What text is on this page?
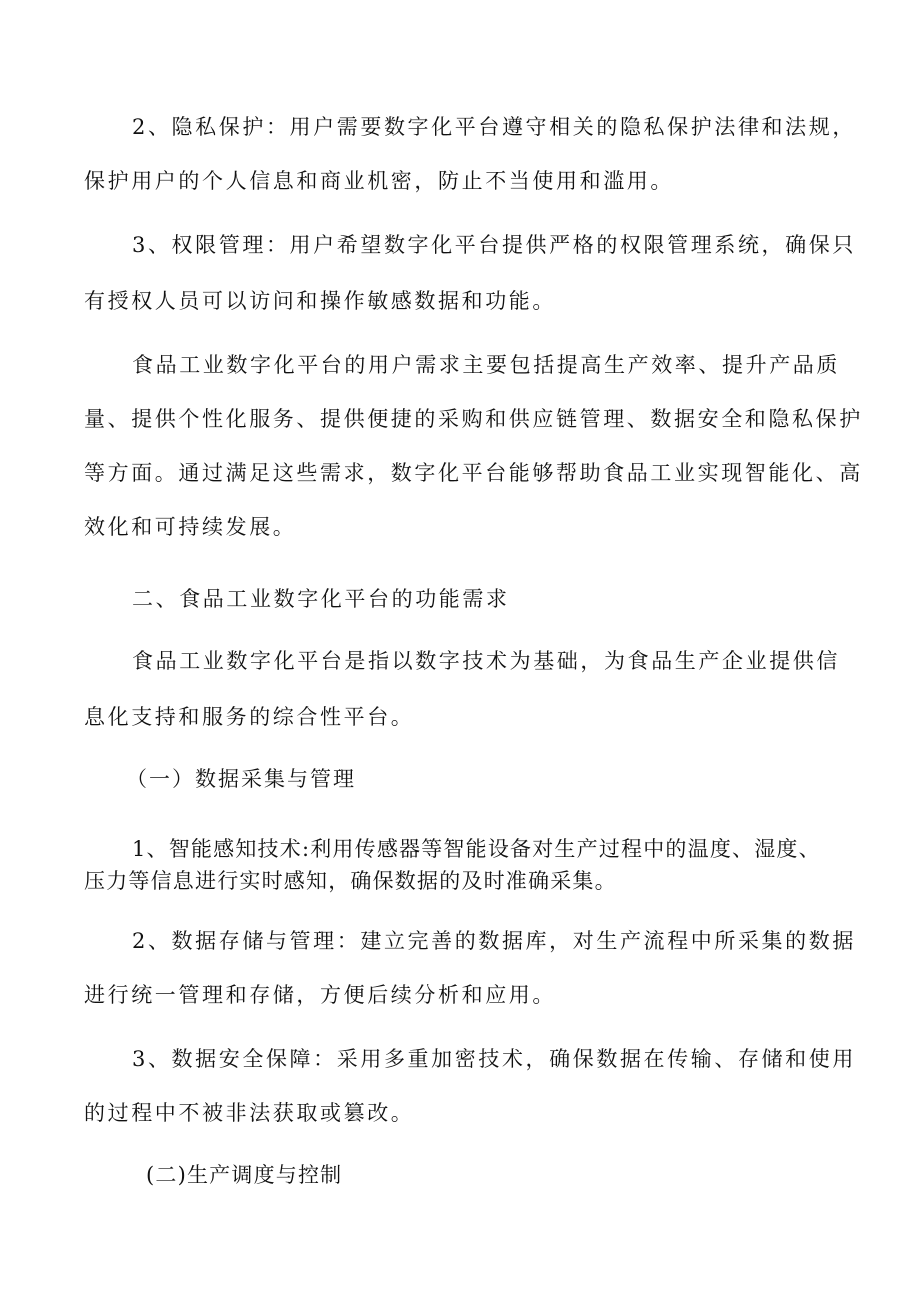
2、隐私保护：用户需要数字化平台遵守相关的隐私保护法律和法规，
保护用户的个人信息和商业机密，防止不当使用和滥用。
3、权限管理：用户希望数字化平台提供严格的权限管理系统，确保只
有授权人员可以访问和操作敏感数据和功能。
食品工业数字化平台的用户需求主要包括提高生产效率、提升产品质
量、提供个性化服务、提供便捷的采购和供应链管理、数据安全和隐私保护
等方面。通过满足这些需求，数字化平台能够帮助食品工业实现智能化、高
效化和可持续发展。
二、食品工业数字化平台的功能需求
食品工业数字化平台是指以数字技术为基础，为食品生产企业提供信
息化支持和服务的综合性平台。
（一）数据采集与管理
1、智能感知技术:利用传感器等智能设备对生产过程中的温度、湿度、
压力等信息进行实时感知，确保数据的及时准确采集。
2、数据存储与管理：建立完善的数据库，对生产流程中所采集的数据
进行统一管理和存储，方便后续分析和应用。
3、数据安全保障：采用多重加密技术，确保数据在传输、存储和使用
的过程中不被非法获取或篡改。
(二)生产调度与控制
